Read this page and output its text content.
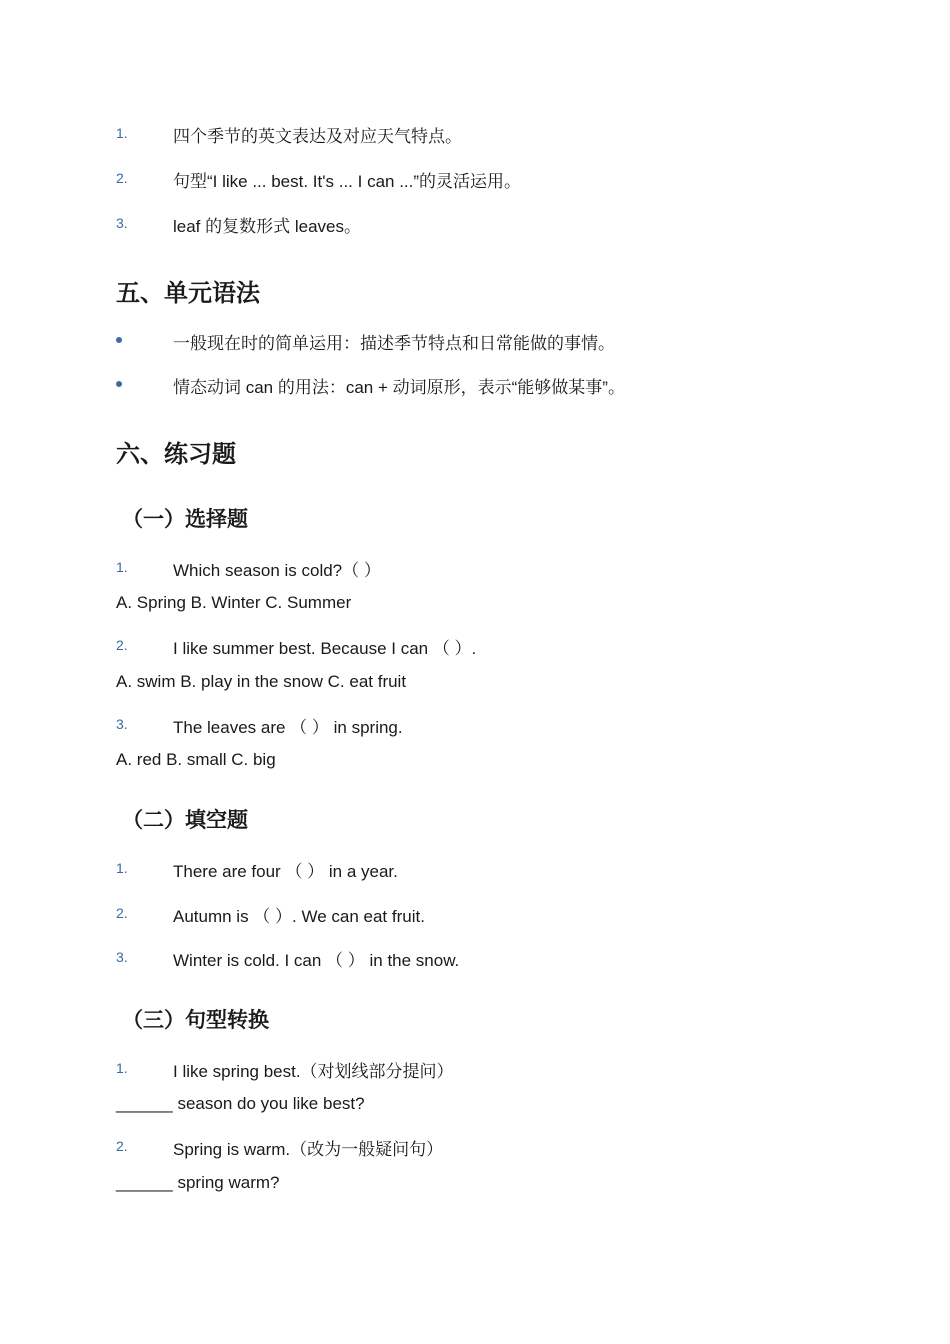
1.	四个季节的英文表达及对应天气特点。
2.	句型“I like ... best. It's ... I can ...”的灵活运用。
3.	leaf 的复数形式 leaves。
五、单元语法
一般现在时的简单运用：描述季节特点和日常能做的事情。
情态动词 can 的用法：can + 动词原形，表示“能够做某事”。
六、练习题
（一）选择题
1.	Which season is cold?（ ）
A. Spring B. Winter C. Summer
2.	I like summer best. Because I can （ ）.
A. swim B. play in the snow C. eat fruit
3.	The leaves are （ ） in spring.
A. red B. small C. big
（二）填空题
1.	There are four （ ） in a year.
2.	Autumn is （ ）. We can eat fruit.
3.	Winter is cold. I can （ ） in the snow.
（三）句型转换
1.	I like spring best.（对划线部分提问）
______ season do you like best?
2.	Spring is warm.（改为一般疑问句）
______ spring warm?
